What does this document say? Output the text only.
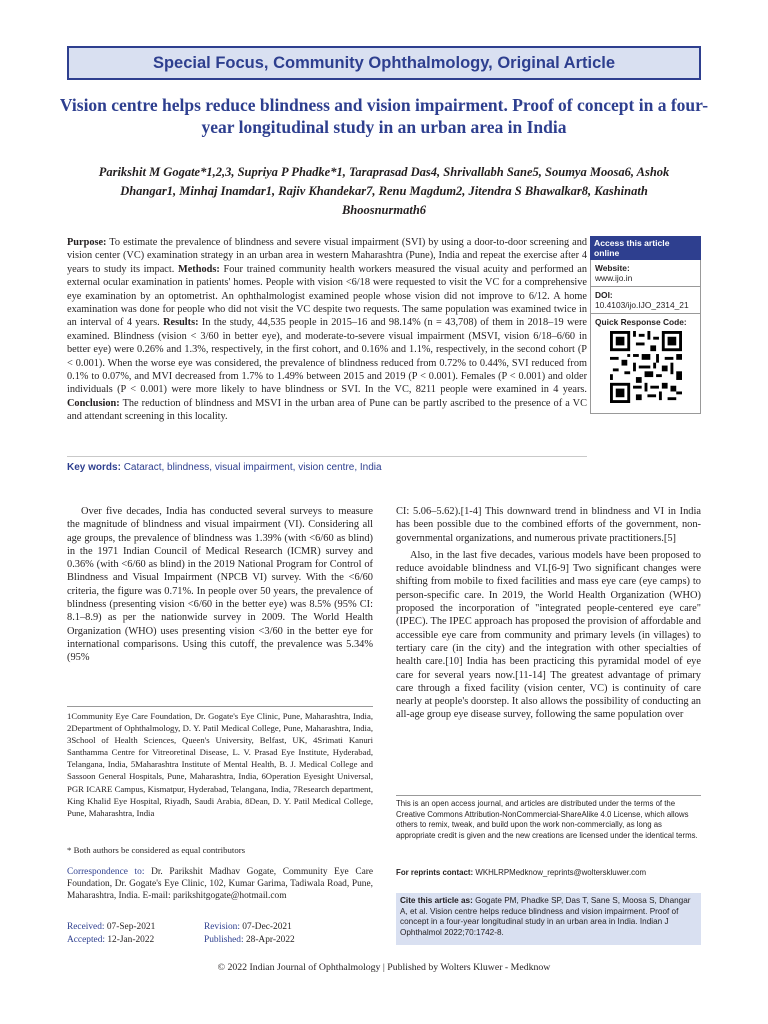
Special Focus, Community Ophthalmology, Original Article
Vision centre helps reduce blindness and vision impairment. Proof of concept in a four-year longitudinal study in an urban area in India
Parikshit M Gogate*1,2,3, Supriya P Phadke*1, Taraprasad Das4, Shrivallabh Sane5, Soumya Moosa6, Ashok Dhangar1, Minhaj Inamdar1, Rajiv Khandekar7, Renu Magdum2, Jitendra S Bhawalkar8, Kashinath Bhoosnurmath6
Purpose: To estimate the prevalence of blindness and severe visual impairment (SVI) by using a door-to-door screening and vision center (VC) examination strategy in an urban area in western Maharashtra (Pune), India and repeat the exercise after 4 years to study its impact. Methods: Four trained community health workers measured the visual acuity and performed an external ocular examination in patients' homes. People with vision <6/18 were requested to visit the VC for a comprehensive eye examination by an optometrist. An ophthalmologist examined people whose vision did not improve to 6/12. A home examination was done for people who did not visit the VC despite two requests. The same population was examined twice in an interval of 4 years. Results: In the study, 44,535 people in 2015–16 and 98.14% (n = 43,708) of them in 2018–19 were examined. Blindness (vision < 3/60 in better eye), and moderate-to-severe visual impairment (MSVI, vision 6/18–6/60 in better eye) were 0.26% and 1.3%, respectively, in the first cohort, and 0.16% and 1.1%, respectively, in the second cohort (P < 0.001). When the worse eye was considered, the prevalence of blindness reduced from 0.72% to 0.44%, SVI reduced from 0.1% to 0.07%, and MVI decreased from 1.7% to 1.49% between 2015 and 2019 (P < 0.001). Females (P < 0.001) and older individuals (P < 0.001) were more likely to have blindness or SVI. In the VC, 8211 people were examined in 4 years. Conclusion: The reduction of blindness and MSVI in the urban area of Pune can be partly ascribed to the presence of a VC and attendant screening in this locality.
Key words: Cataract, blindness, visual impairment, vision centre, India
Access this article online
Website:
www.ijo.in
DOI:
10.4103/ijo.IJO_2314_21
Quick Response Code:

Over five decades, India has conducted several surveys to measure the magnitude of blindness and visual impairment (VI). Considering all age groups, the prevalence of blindness was 1.39% (with <6/60 as blind) in the 1971 Indian Council of Medical Research (ICMR) survey and 0.36% (with <6/60 as blind) in the 2019 National Program for Control of Blindness and Visual Impairment (NPCB VI) survey. With the <6/60 criteria, the figure was 0.71%. In people over 50 years, the prevalence of blindness (presenting vision <6/60 in the better eye) was 8.5% (95% CI: 8.1–8.9) as per the nationwide survey in 2009. The World Health Organization (WHO) uses presenting vision <3/60 in the better eye for international comparisons. Using this cutoff, the prevalence was 5.34% (95%

CI: 5.06–5.62).[1-4] This downward trend in blindness and VI in India has been possible due to the combined efforts of the government, non-governmental organizations, and numerous private practitioners.[5]

Also, in the last five decades, various models have been proposed to reduce avoidable blindness and VI.[6-9] Two significant changes were shifting from mobile to fixed facilities and mass eye care (eye camps) to person-specific care. In 2019, the World Health Organization (WHO) proposed the incorporation of "integrated people-centered eye care" (IPEC). The IPEC approach has proposed the provision of affordable and accessible eye care from community and primary levels (in villages) to tertiary care (in the city) and the integration with other specialties of health care.[10] India has been practicing this pyramidal model of eye care for several years now.[11-14] The greatest advantage of primary care through a fixed facility (vision center, VC) is continuity of care nearly at people's doorstep. It also allows the possibility of conducting an all-age group eye disease survey, following the same population over

1Community Eye Care Foundation, Dr. Gogate's Eye Clinic, Pune, Maharashtra, India, 2Department of Ophthalmology, D. Y. Patil Medical College, Pune, Maharashtra, India, 3School of Health Sciences, Queen's University, Belfast, UK, 4Srimati Kanuri Santhamma Centre for Vitreoretinal Disease, L. V. Prasad Eye Institute, Hyderabad, Telangana, India, 5Maharashtra Institute of Mental Health, B. J. Medical College and Sassoon General Hospitals, Pune, Maharashtra, India, 6Operation Eyesight Universal, PGR ICARE Campus, Kismatpur, Hyderabad, Telangana, India, 7Research department, King Khalid Eye Hospital, Riyadh, Saudi Arabia, 8Dean, D. Y. Patil Medical College, Pune, Maharashtra, India
* Both authors be considered as equal contributors
Correspondence to: Dr. Parikshit Madhav Gogate, Community Eye Care Foundation, Dr. Gogate's Eye Clinic, 102, Kumar Garima, Tadiwala Road, Pune, Maharashtra, India. E-mail: parikshitgogate@hotmail.com
Received: 07-Sep-2021	Revision: 07-Dec-2021
Accepted: 12-Jan-2022	Published: 28-Apr-2022
This is an open access journal, and articles are distributed under the terms of the Creative Commons Attribution-NonCommercial-ShareAlike 4.0 License, which allows others to remix, tweak, and build upon the work non-commercially, as long as appropriate credit is given and the new creations are licensed under the identical terms.
For reprints contact: WKHLRPMedknow_reprints@wolterskluwer.com
Cite this article as: Gogate PM, Phadke SP, Das T, Sane S, Moosa S, Dhangar A, et al. Vision centre helps reduce blindness and vision impairment. Proof of concept in a four-year longitudinal study in an urban area in India. Indian J Ophthalmol 2022;70:1742-8.
© 2022 Indian Journal of Ophthalmology | Published by Wolters Kluwer - Medknow
